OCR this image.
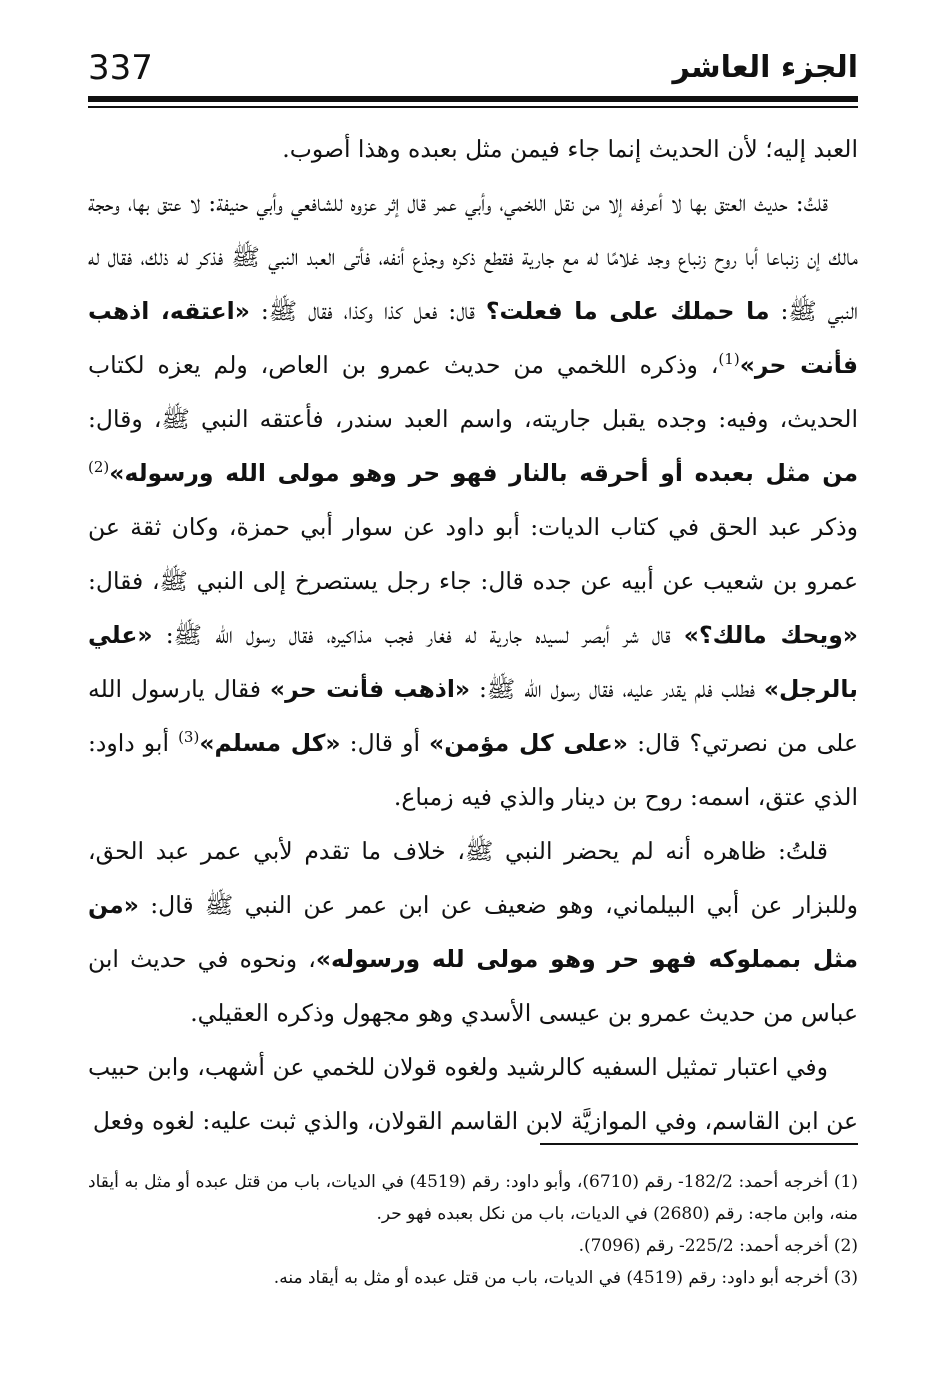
337	الجزء العاشر

العبد إليه؛ لأن الحديث إنما جاء فيمن مثل بعبده وهذا أصوب.

قلتُ: حديث العتق بها لا أعرفه إلا من نقل اللخمي، وأبي عمر قال إثر عزوه للشافعي وأبي حنيفة: لا عتق بها، وحجة مالك إن زنباعا أبا روح زنباع وجد غلامًا له مع جارية فقطع ذكره وجذع أنفه، فأتى العبد النبي ﷺ فذكر له ذلك، فقال له النبي ﷺ: ما حملك على ما فعلت؟ قال: فعل كذا وكذا، فقال ﷺ: «اعتقه، اذهب فأنت حر»$^{(1)}$، وذكره اللخمي من حديث عمرو بن العاص، ولم يعزه لكتاب الحديث، وفيه: وجده يقبل جاريته، واسم العبد سندر، فأعتقه النبي ﷺ، وقال: من مثل بعبده أو أحرقه بالنار فهو حر وهو مولى الله ورسوله»$^{(2)}$ وذكر عبد الحق في كتاب الديات: أبو داود عن سوار أبي حمزة، وكان ثقة عن عمرو بن شعيب عن أبيه عن جده قال: جاء رجل يستصرخ إلى النبي ﷺ، فقال: «ويحك مالك؟» قال شر أبصر لسيده جارية له فغار فجب مذاكيره، فقال رسول الله ﷺ: «علي بالرجل» فطلب فلم يقدر عليه، فقال رسول الله ﷺ: «اذهب فأنت حر» فقال يارسول الله على من نصرتي؟ قال: «على كل مؤمن» أو قال: «كل مسلم»$^{(3)}$ أبو داود: الذي عتق، اسمه: روح بن دينار والذي فيه زمباع.

قلتُ: ظاهره أنه لم يحضر النبي ﷺ، خلاف ما تقدم لأبي عمر عبد الحق، وللبزار عن أبي البيلماني، وهو ضعيف عن ابن عمر عن النبي ﷺ قال: «من مثل بمملوكه فهو حر وهو مولى لله ورسوله»، ونحوه في حديث ابن عباس من حديث عمرو بن عيسى الأسدي وهو مجهول وذكره العقيلي.

وفي اعتبار تمثيل السفيه كالرشيد ولغوه قولان للخمي عن أشهب، وابن حبيب عن ابن القاسم، وفي الموازيَّة لابن القاسم القولان، والذي ثبت عليه: لغوه وفعل

(1) أخرجه أحمد: 182/2- رقم (6710)، وأبو داود: رقم (4519) في الديات، باب من قتل عبده أو مثل به أيقاد منه، وابن ماجه: رقم (2680) في الديات، باب من نكل بعبده فهو حر.

(2) أخرجه أحمد: 225/2- رقم (7096).

(3) أخرجه أبو داود: رقم (4519) في الديات، باب من قتل عبده أو مثل به أيقاد منه.
